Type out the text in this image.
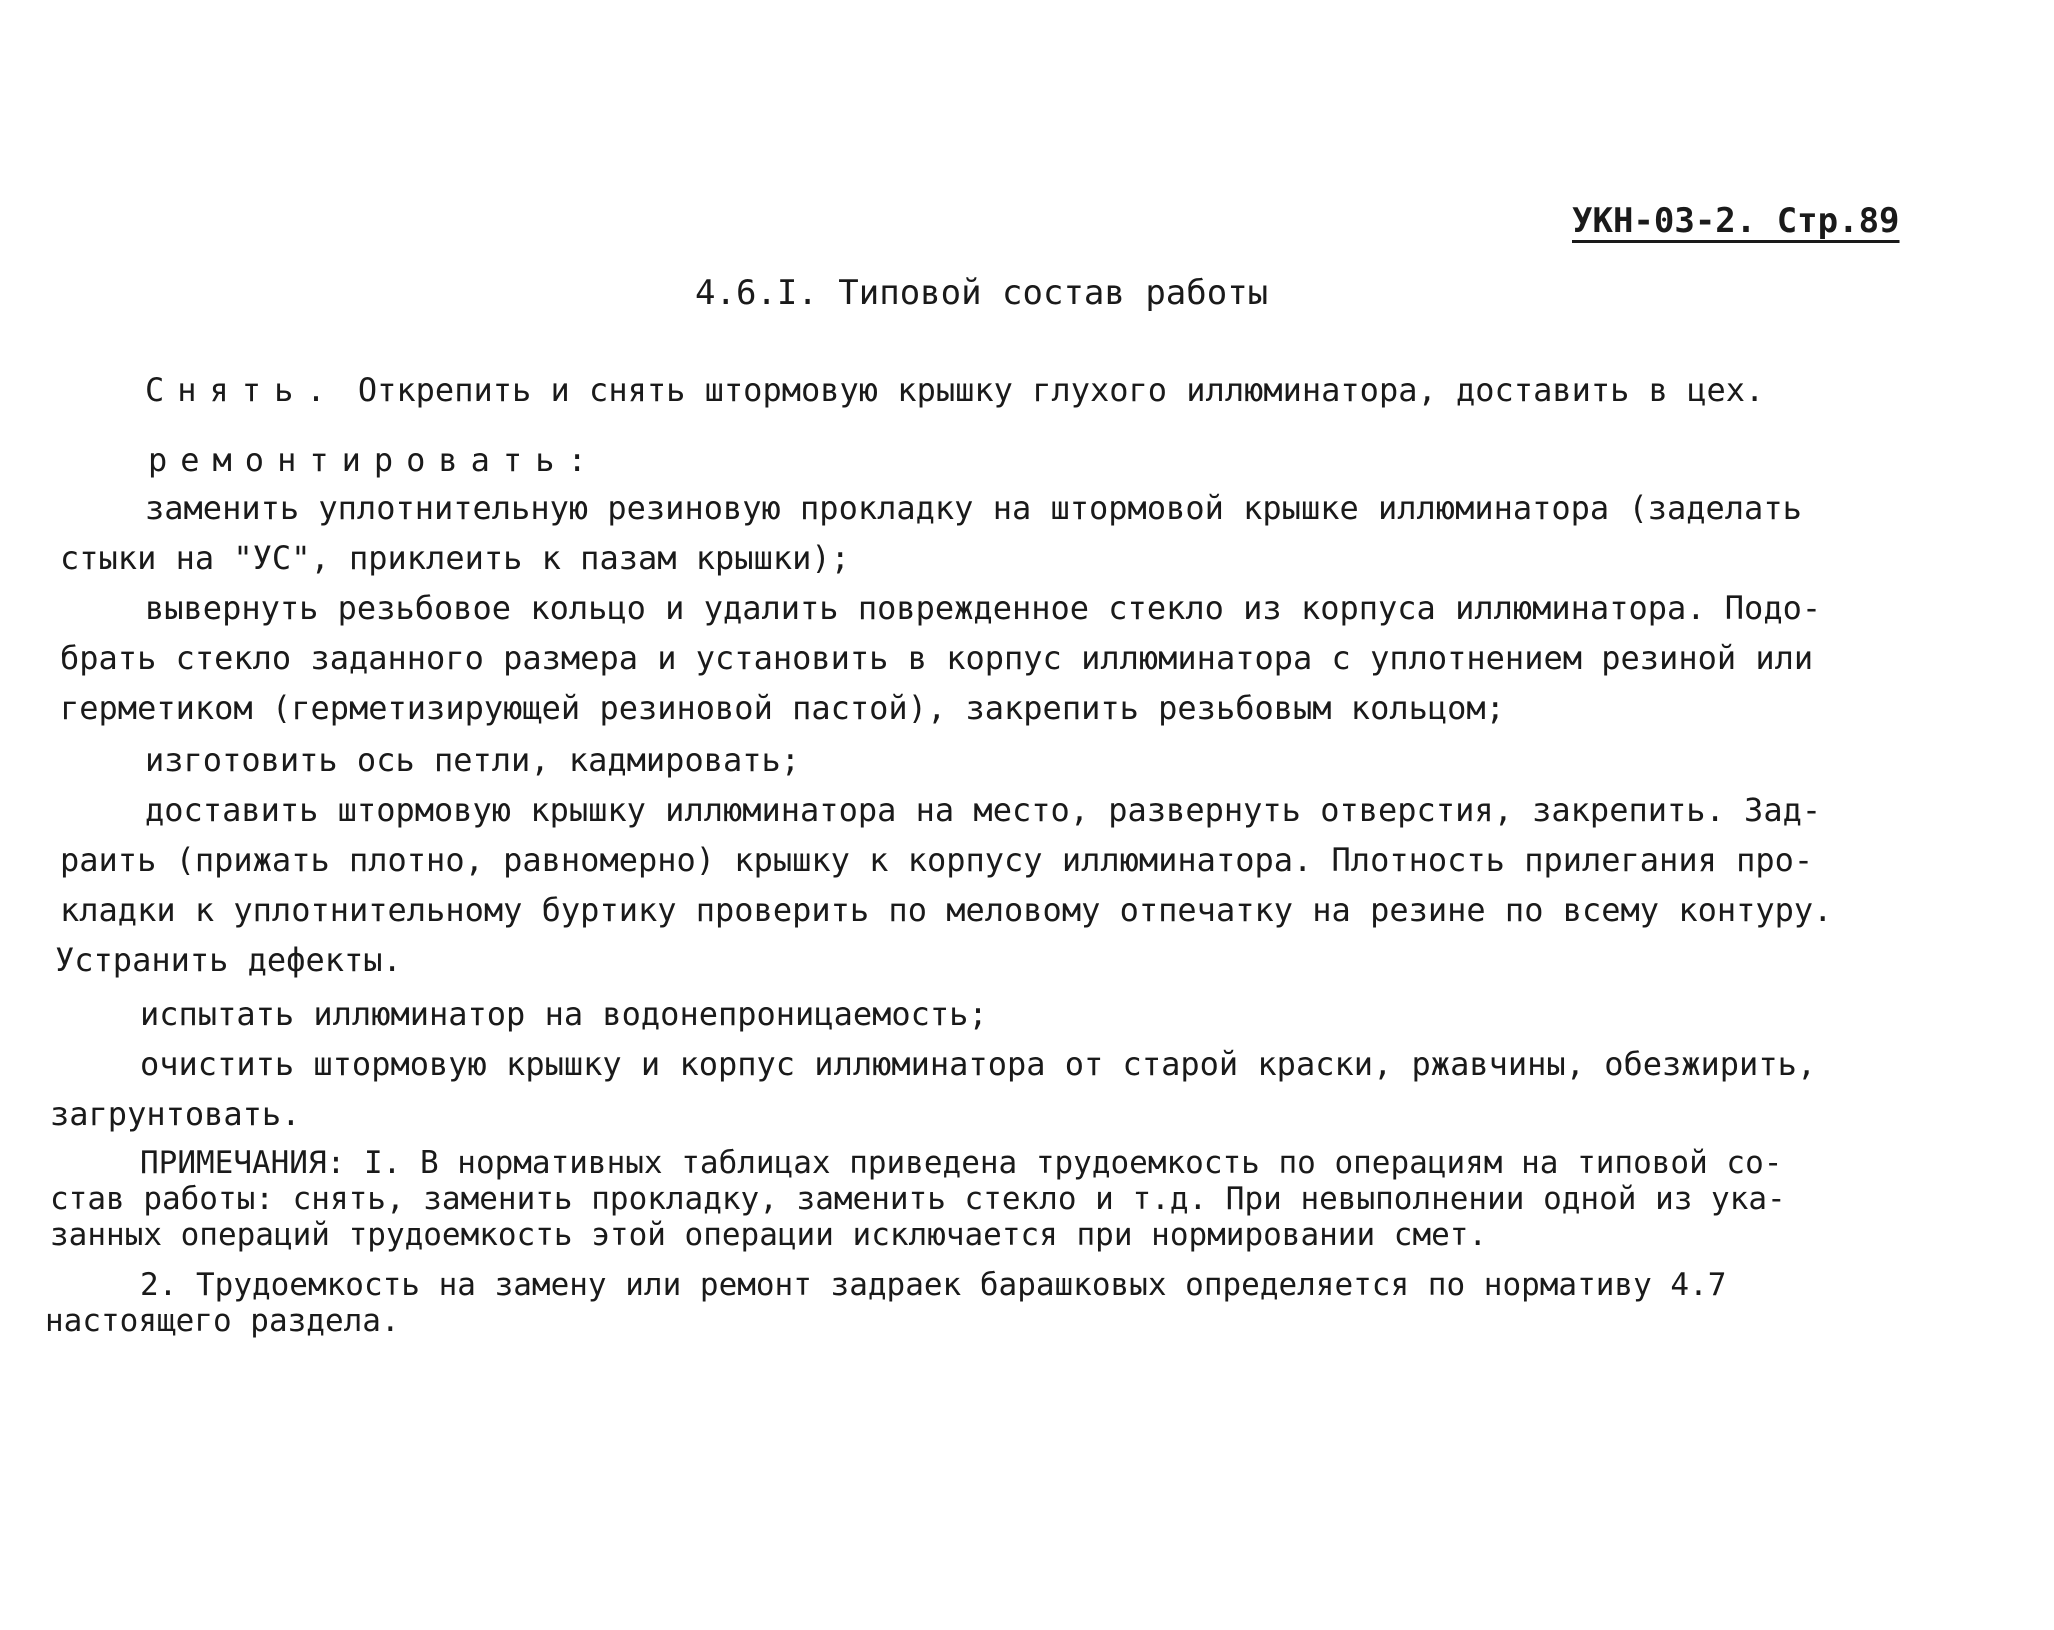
УКН-03-2. Стр.89
4.6.I. Типовой состав работы
Снять. Открепить и снять штормовую крышку глухого иллюминатора, доставить в цех.
ремонтировать:
заменить уплотнительную резиновую прокладку на штормовой крышке иллюминатора (заделать
стыки на "УС", приклеить к пазам крышки);
вывернуть резьбовое кольцо и удалить поврежденное стекло из корпуса иллюминатора. Подо-
брать стекло заданного размера и установить в корпус иллюминатора с уплотнением резиной или
герметиком (герметизирующей резиновой пастой), закрепить резьбовым кольцом;
изготовить ось петли, кадмировать;
доставить штормовую крышку иллюминатора на место, развернуть отверстия, закрепить. Зад-
раить (прижать плотно, равномерно) крышку к корпусу иллюминатора. Плотность прилегания про-
кладки к уплотнительному буртику проверить по меловому отпечатку на резине по всему контуру.
Устранить дефекты.
испытать иллюминатор на водонепроницаемость;
очистить штормовую крышку и корпус иллюминатора от старой краски, ржавчины, обезжирить,
загрунтовать.
ПРИМЕЧАНИЯ: I. В нормативных таблицах приведена трудоемкость по операциям на типовой со-
став работы: снять, заменить прокладку, заменить стекло и т.д. При невыполнении одной из ука-
занных операций трудоемкость этой операции исключается при нормировании смет.
2. Трудоемкость на замену или ремонт задраек барашковых определяется по нормативу 4.7
настоящего раздела.
